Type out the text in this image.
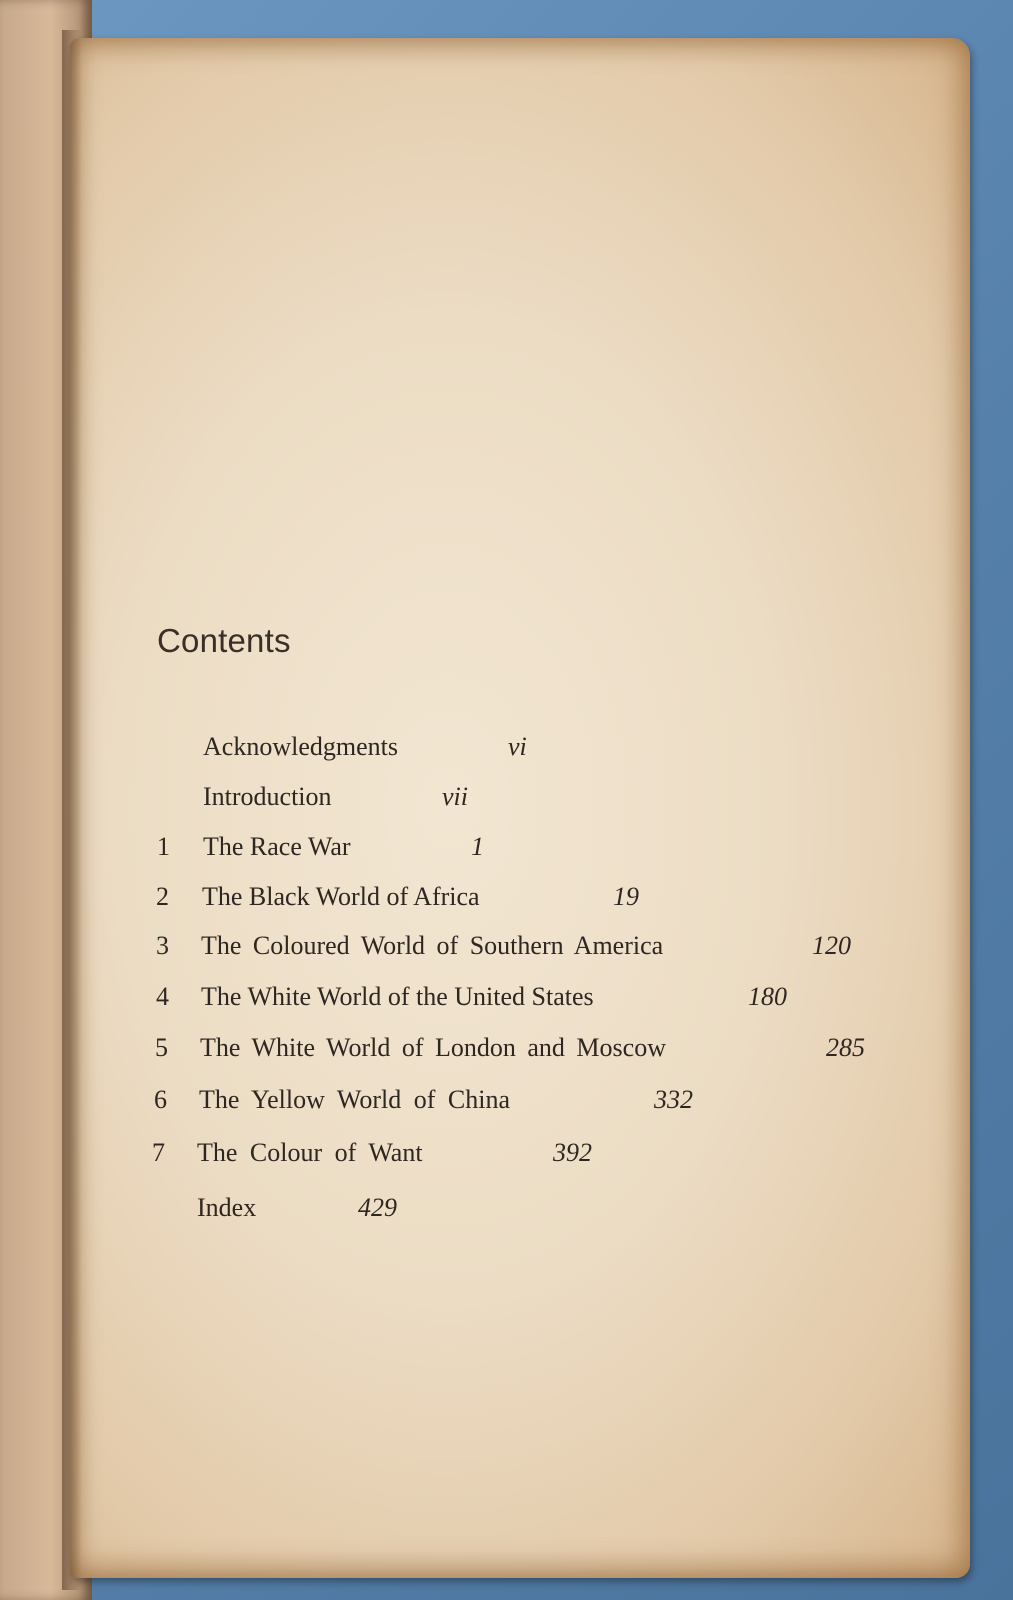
Contents
Acknowledgments	vi
Introduction	vii
1 The Race War	1
2 The Black World of Africa	19
3 The Coloured World of Southern America	120
4 The White World of the United States	180
5 The White World of London and Moscow	285
6 The Yellow World of China	332
7 The Colour of Want	392
Index	429
